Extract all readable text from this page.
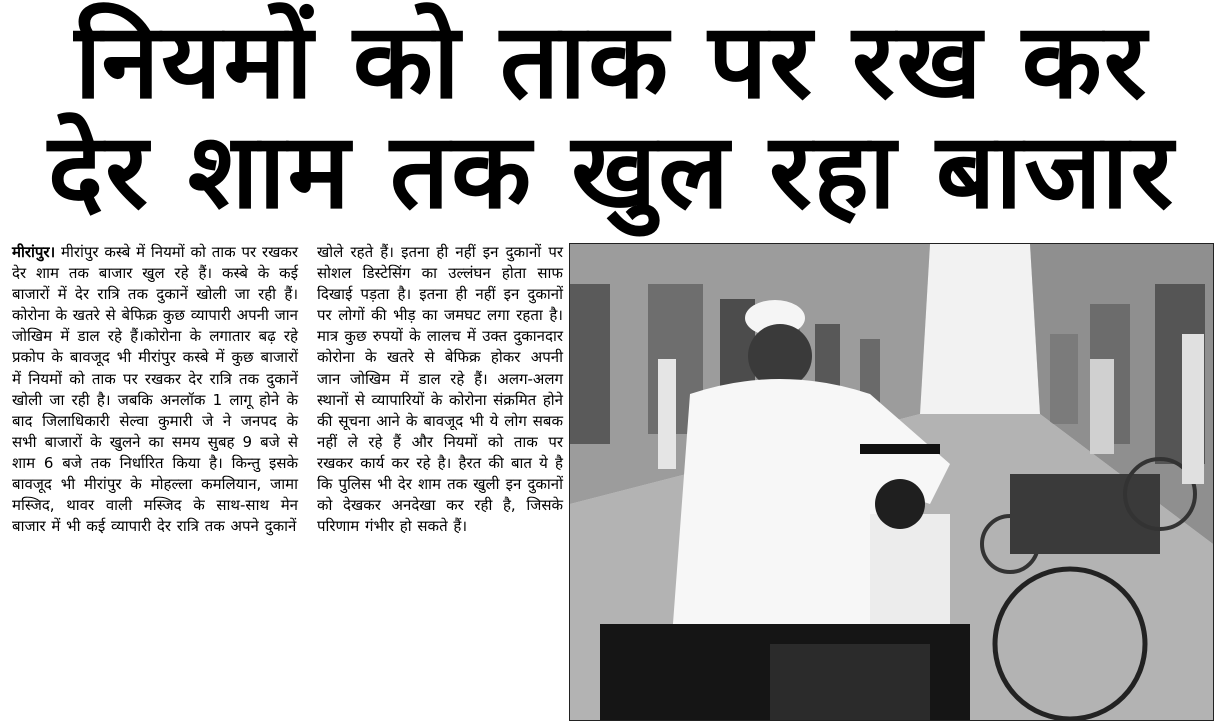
नियमों को ताक पर रख कर
देर शाम तक खुल रहा बाजार
मीरांपुर। मीरांपुर कस्बे में नियमों को ताक पर रखकर देर शाम तक बाजार खुल रहे हैं। कस्बे के कई बाजारों में देर रात्रि तक दुकानें खोली जा रही हैं। कोरोना के खतरे से बेफिक्र कुछ व्यापारी अपनी जान जोखिम में डाल रहे हैं।कोरोना के लगातार बढ़ रहे प्रकोप के बावजूद भी मीरांपुर कस्बे में कुछ बाजारों में नियमों को ताक पर रखकर देर रात्रि तक दुकानें खोली जा रही है। जबकि अनलॉक 1 लागू होने के बाद जिलाधिकारी सेल्वा कुमारी जे ने जनपद के सभी बाजारों के खुलने का समय सुबह 9 बजे से शाम 6 बजे तक निर्धारित किया है। किन्तु इसके बावजूद भी मीरांपुर के मोहल्ला कमलियान, जामा मस्जिद, थावर वाली मस्जिद के साथ-साथ मेन बाजार में भी कई व्यापारी देर रात्रि तक अपने दुकानें
खोले रहते हैं। इतना ही नहीं इन दुकानों पर सोशल डिस्टेसिंग का उल्लंघन होता साफ दिखाई पड़ता है। इतना ही नहीं इन दुकानों पर लोगों की भीड़ का जमघट लगा रहता है। मात्र कुछ रुपयों के लालच में उक्त दुकानदार कोरोना के खतरे से बेफिक्र होकर अपनी जान जोखिम में डाल रहे हैं। अलग-अलग स्थानों से व्यापारियों के कोरोना संक्रमित होने की सूचना आने के बावजूद भी ये लोग सबक नहीं ले रहे हैं और नियमों को ताक पर रखकर कार्य कर रहे है। हैरत की बात ये है कि पुलिस भी देर शाम तक खुली इन दुकानों को देखकर अनदेखा कर रही है, जिसके परिणाम गंभीर हो सकते हैं।
